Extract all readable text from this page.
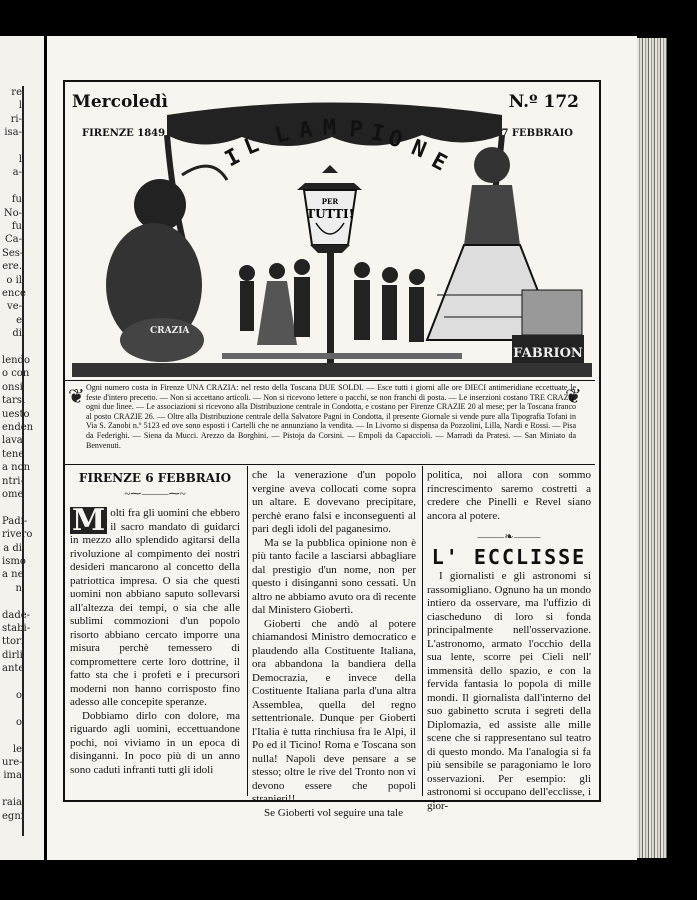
re
l
ri-
isa-
l
a-
fu
No-
fu
Ca-
Ses-
ere.
o il
ence
ve-
e
di
lendo
o con
onsi
tarsi
uesto
enden
lava
tene
a non
ntri-
ome
Padi-
rivero
a di
ismo
a ne
n
dade-
stabi-
ttori
dirli
ante
o
o
le
ure-
ima
raia
egni
I
L L A M P I
O N
E
PER
TUTTI!
CRAZIA
FABRION
Mercoledì	N.º 172
FIRENZE 1849	7 FEBBRAIO
❦	❦
Ogni numero costa in Firenze UNA CRAZIA: nel resto della Toscana DUE SOLDI. — Esce tutti i giorni alle ore DIECI antimeridiane eccettuate le feste d'intero precetto. — Non si accettano articoli. — Non si ricevono lettere o pacchi, se non franchi di posta. — Le inserzioni costano TRE CRAZIE ogni due linee. — Le associazioni si ricevono alla Distribuzione centrale in Condotta, e costano per Firenze CRAZIE 20 al mese; per la Toscana franco al posto CRAZIE 26. — Oltre alla Distribuzione centrale della Salvatore Pagni in Condotta, il presente Giornale si vende pure alla Tipografia Tofani in Via S. Zanobi n.º 5123 ed ove sono esposti i Cartelli che ne annunziano la vendita. — In Livorno si dispensa da Pozzolini, Lilla, Nardi e Rossi. — Pisa da Federighi. — Siena da Mucci. Arezzo da Borghini. — Pistoja da Corsini. — Empoli da Capaccioli. — Marradi da Pratesi. — San Miniato da Benvenuti.
FIRENZE 6 FEBBRAIO
~⁓⸻⁓~
M olti fra gli uomini che ebbero il sacro mandato di guidarci in mezzo allo splendido agitarsi della rivoluzione al compimento dei nostri desideri mancarono al concetto della patriottica impresa. O sia che questi uomini non abbiano saputo sollevarsi all'altezza dei tempi, o sia che alle sublimi commozioni d'un popolo risorto abbiano cercato imporre una misura perchè temessero di compromettere certe loro dottrine, il fatto sta che i profeti e i precursori moderni non hanno corrisposto fino adesso alle concepite speranze.

Dobbiamo dirlo con dolore, ma riguardo agli uomini, eccettuandone pochi, noi viviamo in un epoca di disinganni. In poco più di un anno sono caduti infranti tutti gli idoli

che la venerazione d'un popolo vergine aveva collocati come sopra un altare. E dovevano precipitare, perchè erano falsi e inconseguenti al pari degli idoli del paganesimo.

Ma se la pubblica opinione non è più tanto facile a lasciarsi abbagliare dal prestigio d'un nome, non per questo i disinganni sono cessati. Un altro ne abbiamo avuto ora di recente dal Ministero Gioberti.

Gioberti che andò al potere chiamandosi Ministro democratico e plaudendo alla Costituente Italiana, ora abbandona la bandiera della Democrazia, e invece della Costituente Italiana parla d'una altra Assemblea, quella del regno settentrionale. Dunque per Gioberti l'Italia è tutta rinchiusa fra le Alpi, il Po ed il Ticino! Roma e Toscana son nulla! Napoli deve pensare a se stesso; oltre le rive del Tronto non vi devono essere che popoli stranieri!!...

Se Gioberti vol seguire una tale

politica, noi allora con sommo rincrescimento saremo costretti a credere che Pinelli e Revel siano ancora al potere.

⸻❧⸻
L' ECCLISSE

I giornalisti e gli astronomi si rassomigliano. Ognuno ha un mondo intiero da osservare, ma l'uffizio di ciascheduno di loro si fonda principalmente nell'osservazione. L'astronomo, armato l'occhio della sua lente, scorre pei Cieli nell' immensità dello spazio, e con la fervida fantasia lo popola di mille mondi. Il giornalista dall'interno del suo gabinetto scruta i segreti della Diplomazia, ed assiste alle mille scene che si rappresentano sul teatro di questo mondo. Ma l'analogia si fa più sensibile se paragoniamo le loro osservazioni. Per esempio: gli astronomi si occupano dell'ecclisse, i gior-
